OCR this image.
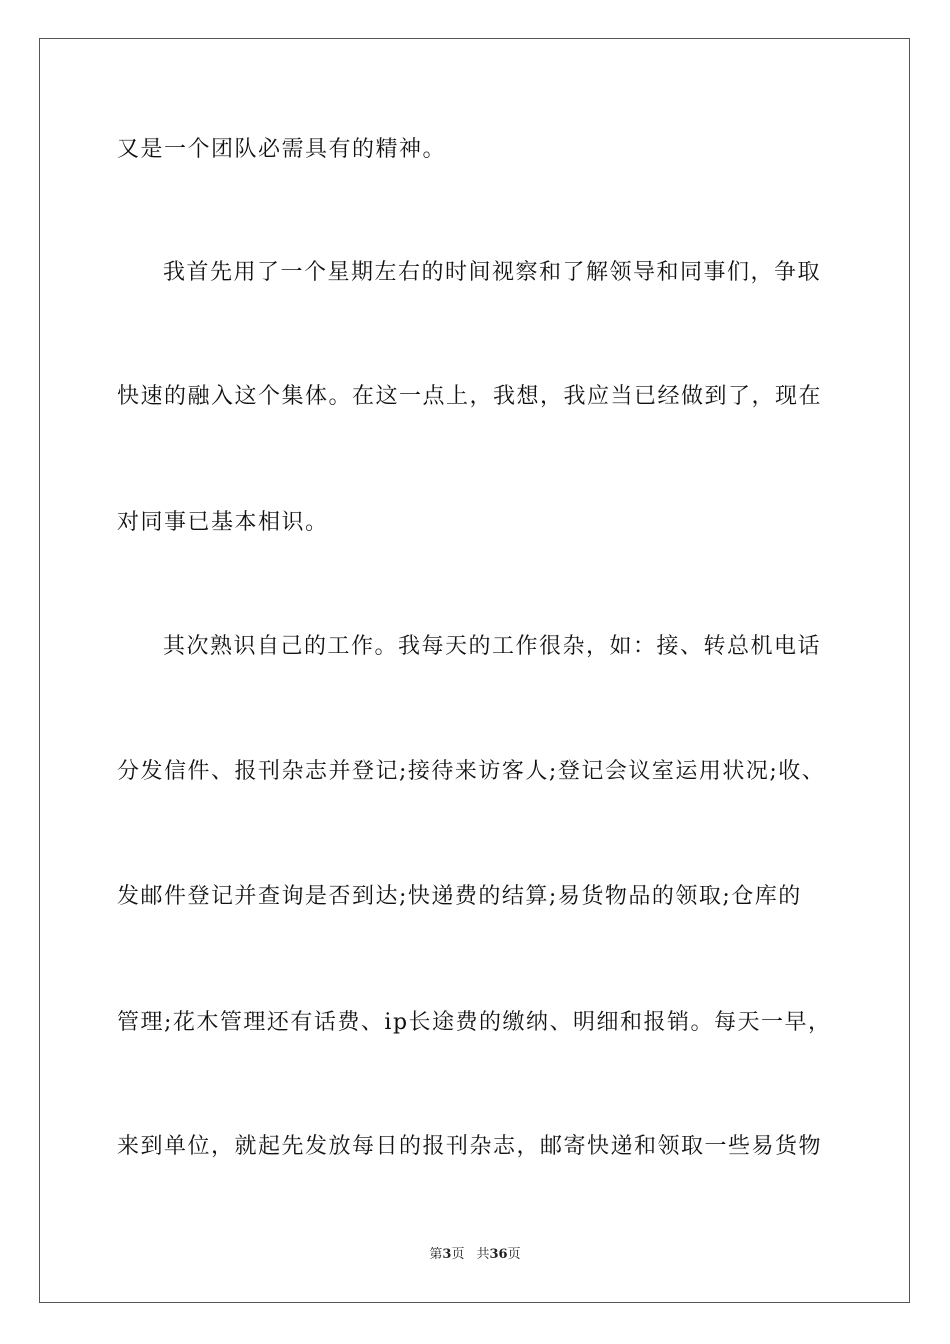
又是一个团队必需具有的精神。
我首先用了一个星期左右的时间视察和了解领导和同事们，争取
快速的融入这个集体。在这一点上，我想，我应当已经做到了，现在
对同事已基本相识。
其次熟识自己的工作。我每天的工作很杂，如：接、转总机电话
分发信件、报刊杂志并登记;接待来访客人;登记会议室运用状况;收、
发邮件登记并查询是否到达;快递费的结算;易货物品的领取;仓库的
管理;花木管理还有话费、ip长途费的缴纳、明细和报销。每天一早，
来到单位，就起先发放每日的报刊杂志，邮寄快递和领取一些易货物
第3页 共36页
